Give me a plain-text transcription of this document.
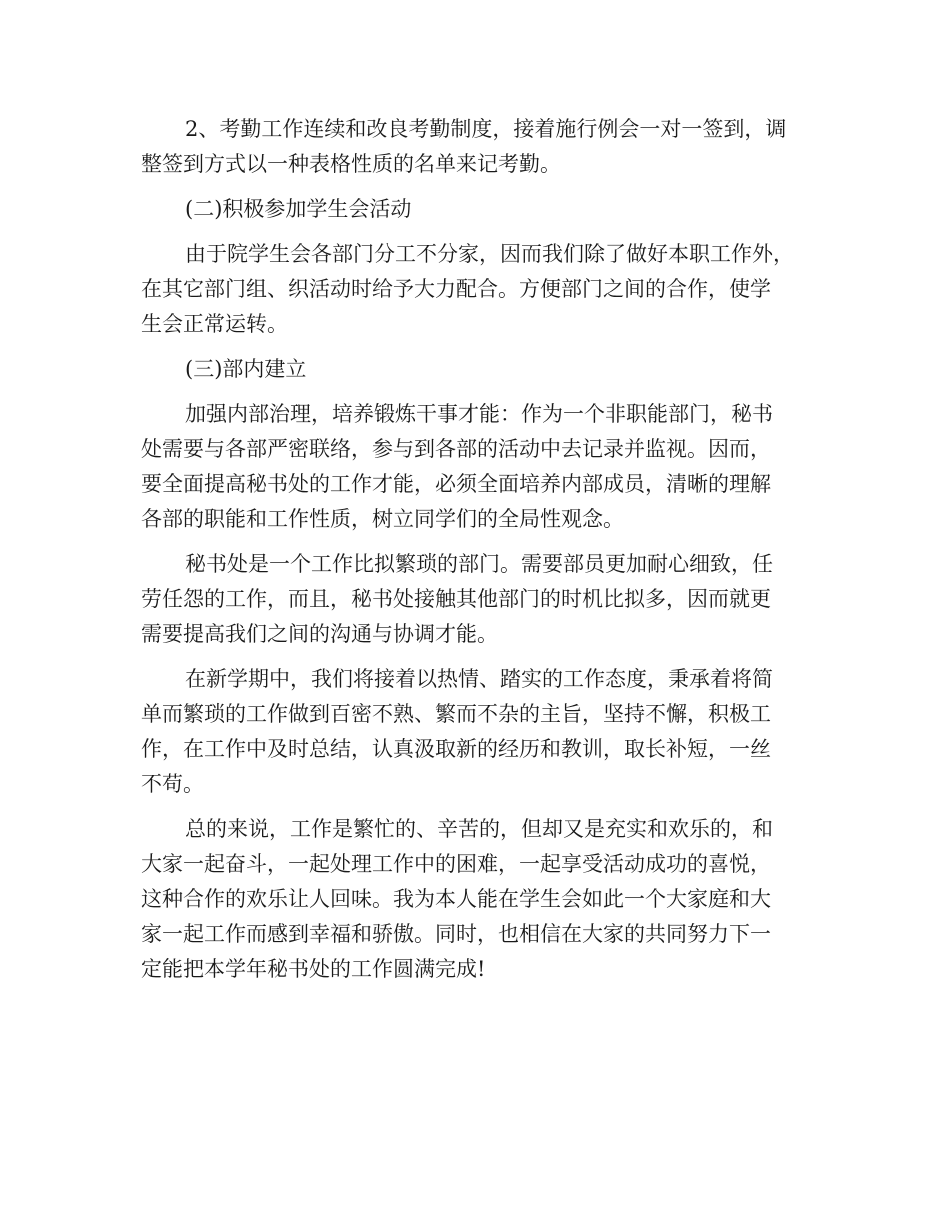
2、考勤工作连续和改良考勤制度，接着施行例会一对一签到，调
整签到方式以一种表格性质的名单来记考勤。
(二)积极参加学生会活动
由于院学生会各部门分工不分家，因而我们除了做好本职工作外，
在其它部门组、织活动时给予大力配合。方便部门之间的合作，使学
生会正常运转。
(三)部内建立
加强内部治理，培养锻炼干事才能：作为一个非职能部门，秘书
处需要与各部严密联络，参与到各部的活动中去记录并监视。因而，
要全面提高秘书处的工作才能，必须全面培养内部成员，清晰的理解
各部的职能和工作性质，树立同学们的全局性观念。
秘书处是一个工作比拟繁琐的部门。需要部员更加耐心细致，任
劳任怨的工作，而且，秘书处接触其他部门的时机比拟多，因而就更
需要提高我们之间的沟通与协调才能。
在新学期中，我们将接着以热情、踏实的工作态度，秉承着将简
单而繁琐的工作做到百密不熟、繁而不杂的主旨，坚持不懈，积极工
作，在工作中及时总结，认真汲取新的经历和教训，取长补短，一丝
不苟。
总的来说，工作是繁忙的、辛苦的，但却又是充实和欢乐的，和
大家一起奋斗，一起处理工作中的困难，一起享受活动成功的喜悦，
这种合作的欢乐让人回味。我为本人能在学生会如此一个大家庭和大
家一起工作而感到幸福和骄傲。同时，也相信在大家的共同努力下一
定能把本学年秘书处的工作圆满完成!
